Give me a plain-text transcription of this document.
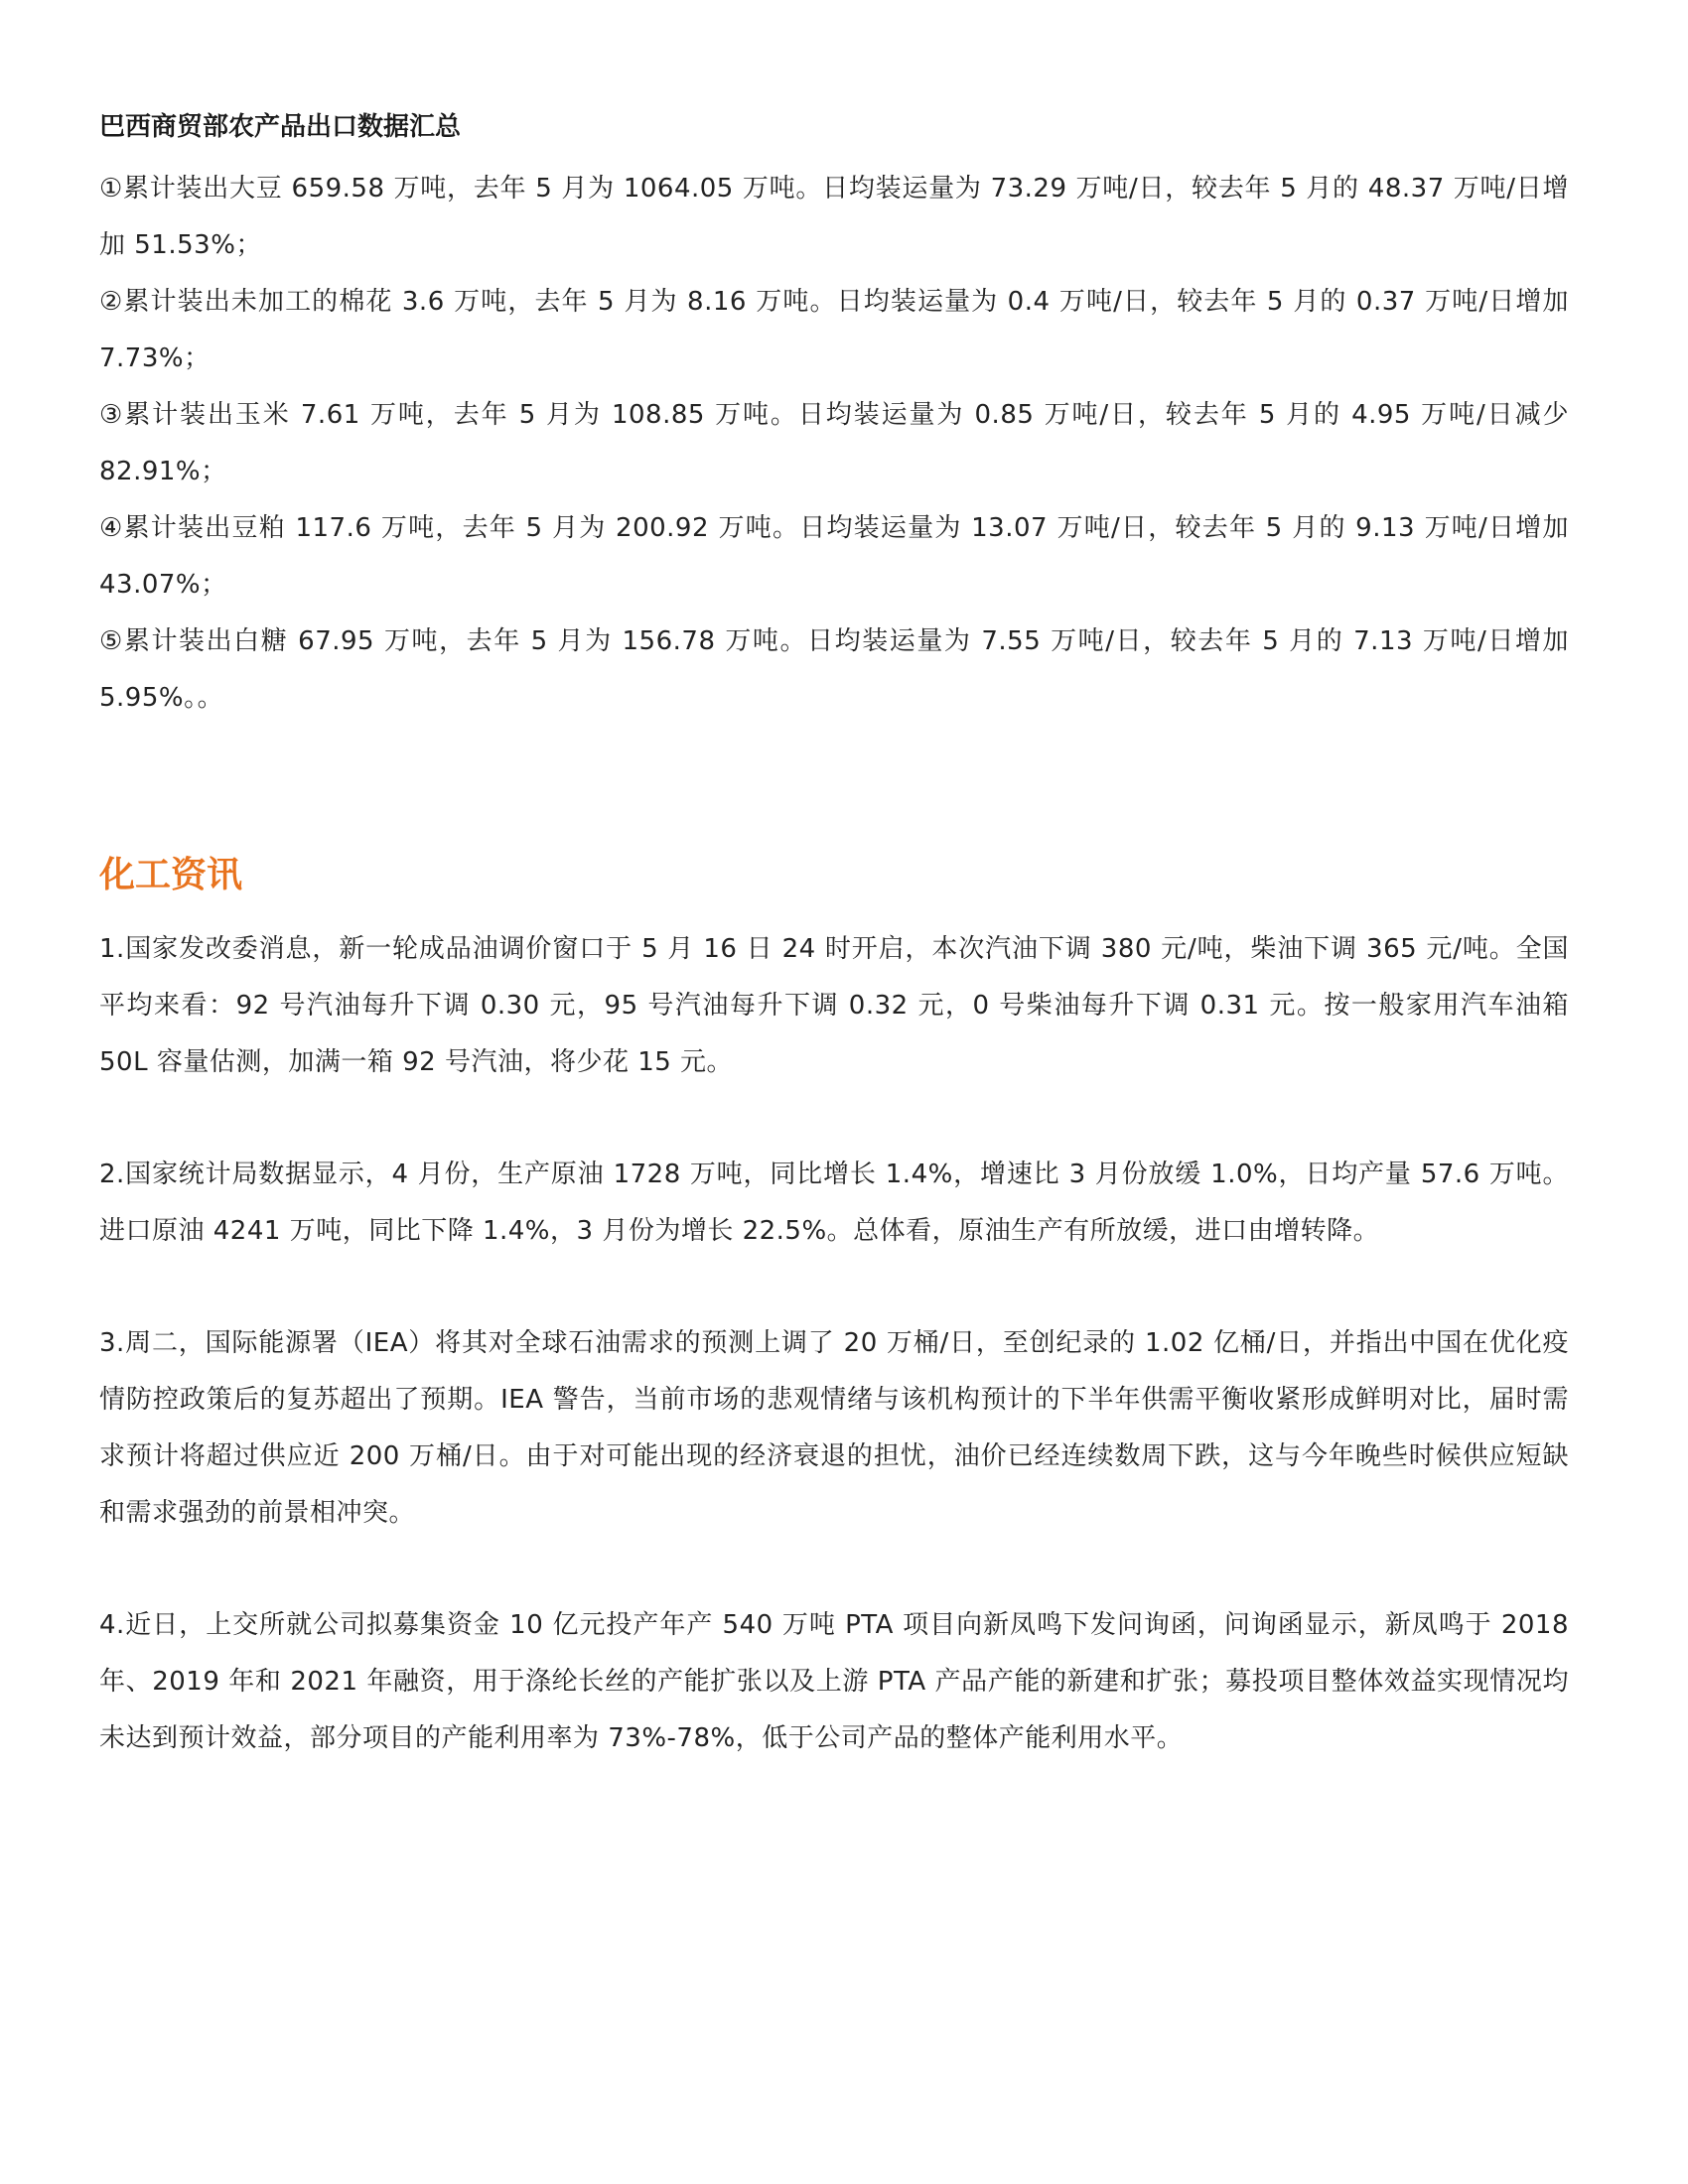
巴西商贸部农产品出口数据汇总

①累计装出大豆 659.58 万吨，去年 5 月为 1064.05 万吨。日均装运量为 73.29 万吨/日，较去年 5 月的 48.37 万吨/日增加 51.53%；

②累计装出未加工的棉花 3.6 万吨，去年 5 月为 8.16 万吨。日均装运量为 0.4 万吨/日，较去年 5 月的 0.37 万吨/日增加 7.73%；

③累计装出玉米 7.61 万吨，去年 5 月为 108.85 万吨。日均装运量为 0.85 万吨/日，较去年 5 月的 4.95 万吨/日减少 82.91%；

④累计装出豆粕 117.6 万吨，去年 5 月为 200.92 万吨。日均装运量为 13.07 万吨/日，较去年 5 月的 9.13 万吨/日增加 43.07%；

⑤累计装出白糖 67.95 万吨，去年 5 月为 156.78 万吨。日均装运量为 7.55 万吨/日，较去年 5 月的 7.13 万吨/日增加 5.95%。。

化工资讯

1.国家发改委消息，新一轮成品油调价窗口于 5 月 16 日 24 时开启，本次汽油下调 380 元/吨，柴油下调 365 元/吨。全国平均来看：92 号汽油每升下调 0.30 元，95 号汽油每升下调 0.32 元，0 号柴油每升下调 0.31 元。按一般家用汽车油箱 50L 容量估测，加满一箱 92 号汽油，将少花 15 元。

2.国家统计局数据显示，4 月份，生产原油 1728 万吨，同比增长 1.4%，增速比 3 月份放缓 1.0%，日均产量 57.6 万吨。进口原油 4241 万吨，同比下降 1.4%，3 月份为增长 22.5%。总体看，原油生产有所放缓，进口由增转降。

3.周二，国际能源署（IEA）将其对全球石油需求的预测上调了 20 万桶/日，至创纪录的 1.02 亿桶/日，并指出中国在优化疫情防控政策后的复苏超出了预期。IEA 警告，当前市场的悲观情绪与该机构预计的下半年供需平衡收紧形成鲜明对比，届时需求预计将超过供应近 200 万桶/日。由于对可能出现的经济衰退的担忧，油价已经连续数周下跌，这与今年晚些时候供应短缺和需求强劲的前景相冲突。

4.近日，上交所就公司拟募集资金 10 亿元投产年产 540 万吨 PTA 项目向新凤鸣下发问询函，问询函显示，新凤鸣于 2018 年、2019 年和 2021 年融资，用于涤纶长丝的产能扩张以及上游 PTA 产品产能的新建和扩张；募投项目整体效益实现情况均未达到预计效益，部分项目的产能利用率为 73%-78%，低于公司产品的整体产能利用水平。
